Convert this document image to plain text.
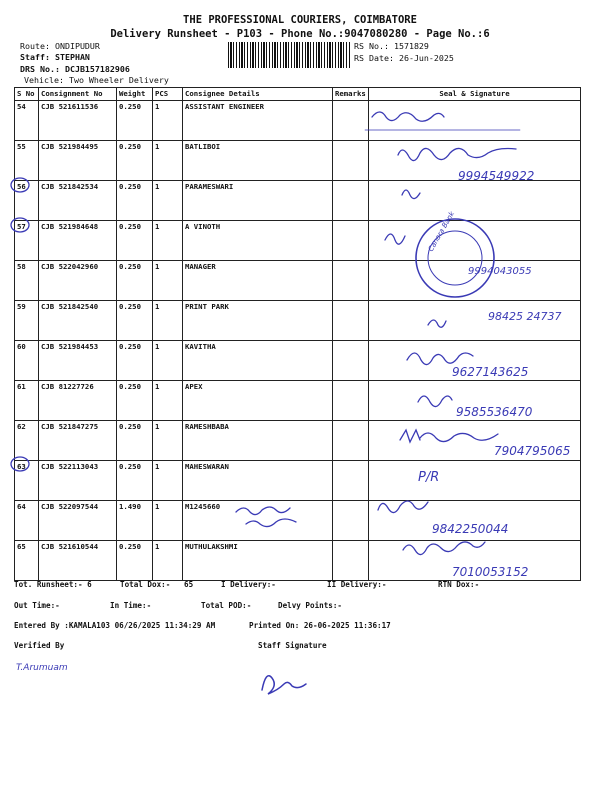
THE PROFESSIONAL COURIERS, COIMBATORE
Delivery Runsheet - P103 - Phone No.:9047080280 - Page No.:6
Route: ONDIPUDUR
Staff: STEPHAN
DRS No.: DCJB157182906
Vehicle: Two Wheeler Delivery
RS No.: 1571829
RS Date: 26-Jun-2025
S No	Consignment No	Weight	PCS	Consignee Details	Remarks	Seal & Signature
54	CJB 521611536	0.250	1	ASSISTANT ENGINEER		
55	CJB 521984495	0.250	1	BATLIBOI		
56	CJB 521842534	0.250	1	PARAMESWARI		
57	CJB 521984648	0.250	1	A VINOTH		
58	CJB 522042960	0.250	1	MANAGER		
59	CJB 521842540	0.250	1	PRINT PARK		
60	CJB 521984453	0.250	1	KAVITHA		
61	CJB 81227726	0.250	1	APEX		
62	CJB 521847275	0.250	1	RAMESHBABA		
63	CJB 522113043	0.250	1	MAHESWARAN		
64	CJB 522097544	1.490	1	M1245660		
65	CJB 521610544	0.250	1	MUTHULAKSHMI		
Tot. Runsheet:- 6	Total Dox:-   65	I Delivery:-	II Delivery:-	RTN Dox:-
Out Time:-	In Time:-	Total POD:-	Delvy Points:-
Entered By :KAMALA103 06/26/2025 11:34:29 AM	Printed On: 26-06-2025 11:36:17
Verified By	Staff Signature
9994549922
Canara Bank
9994043055
98425 24737
9627143625
9585536470
7904795065
P/R
9842250044
7010053152
T.Arumuam
